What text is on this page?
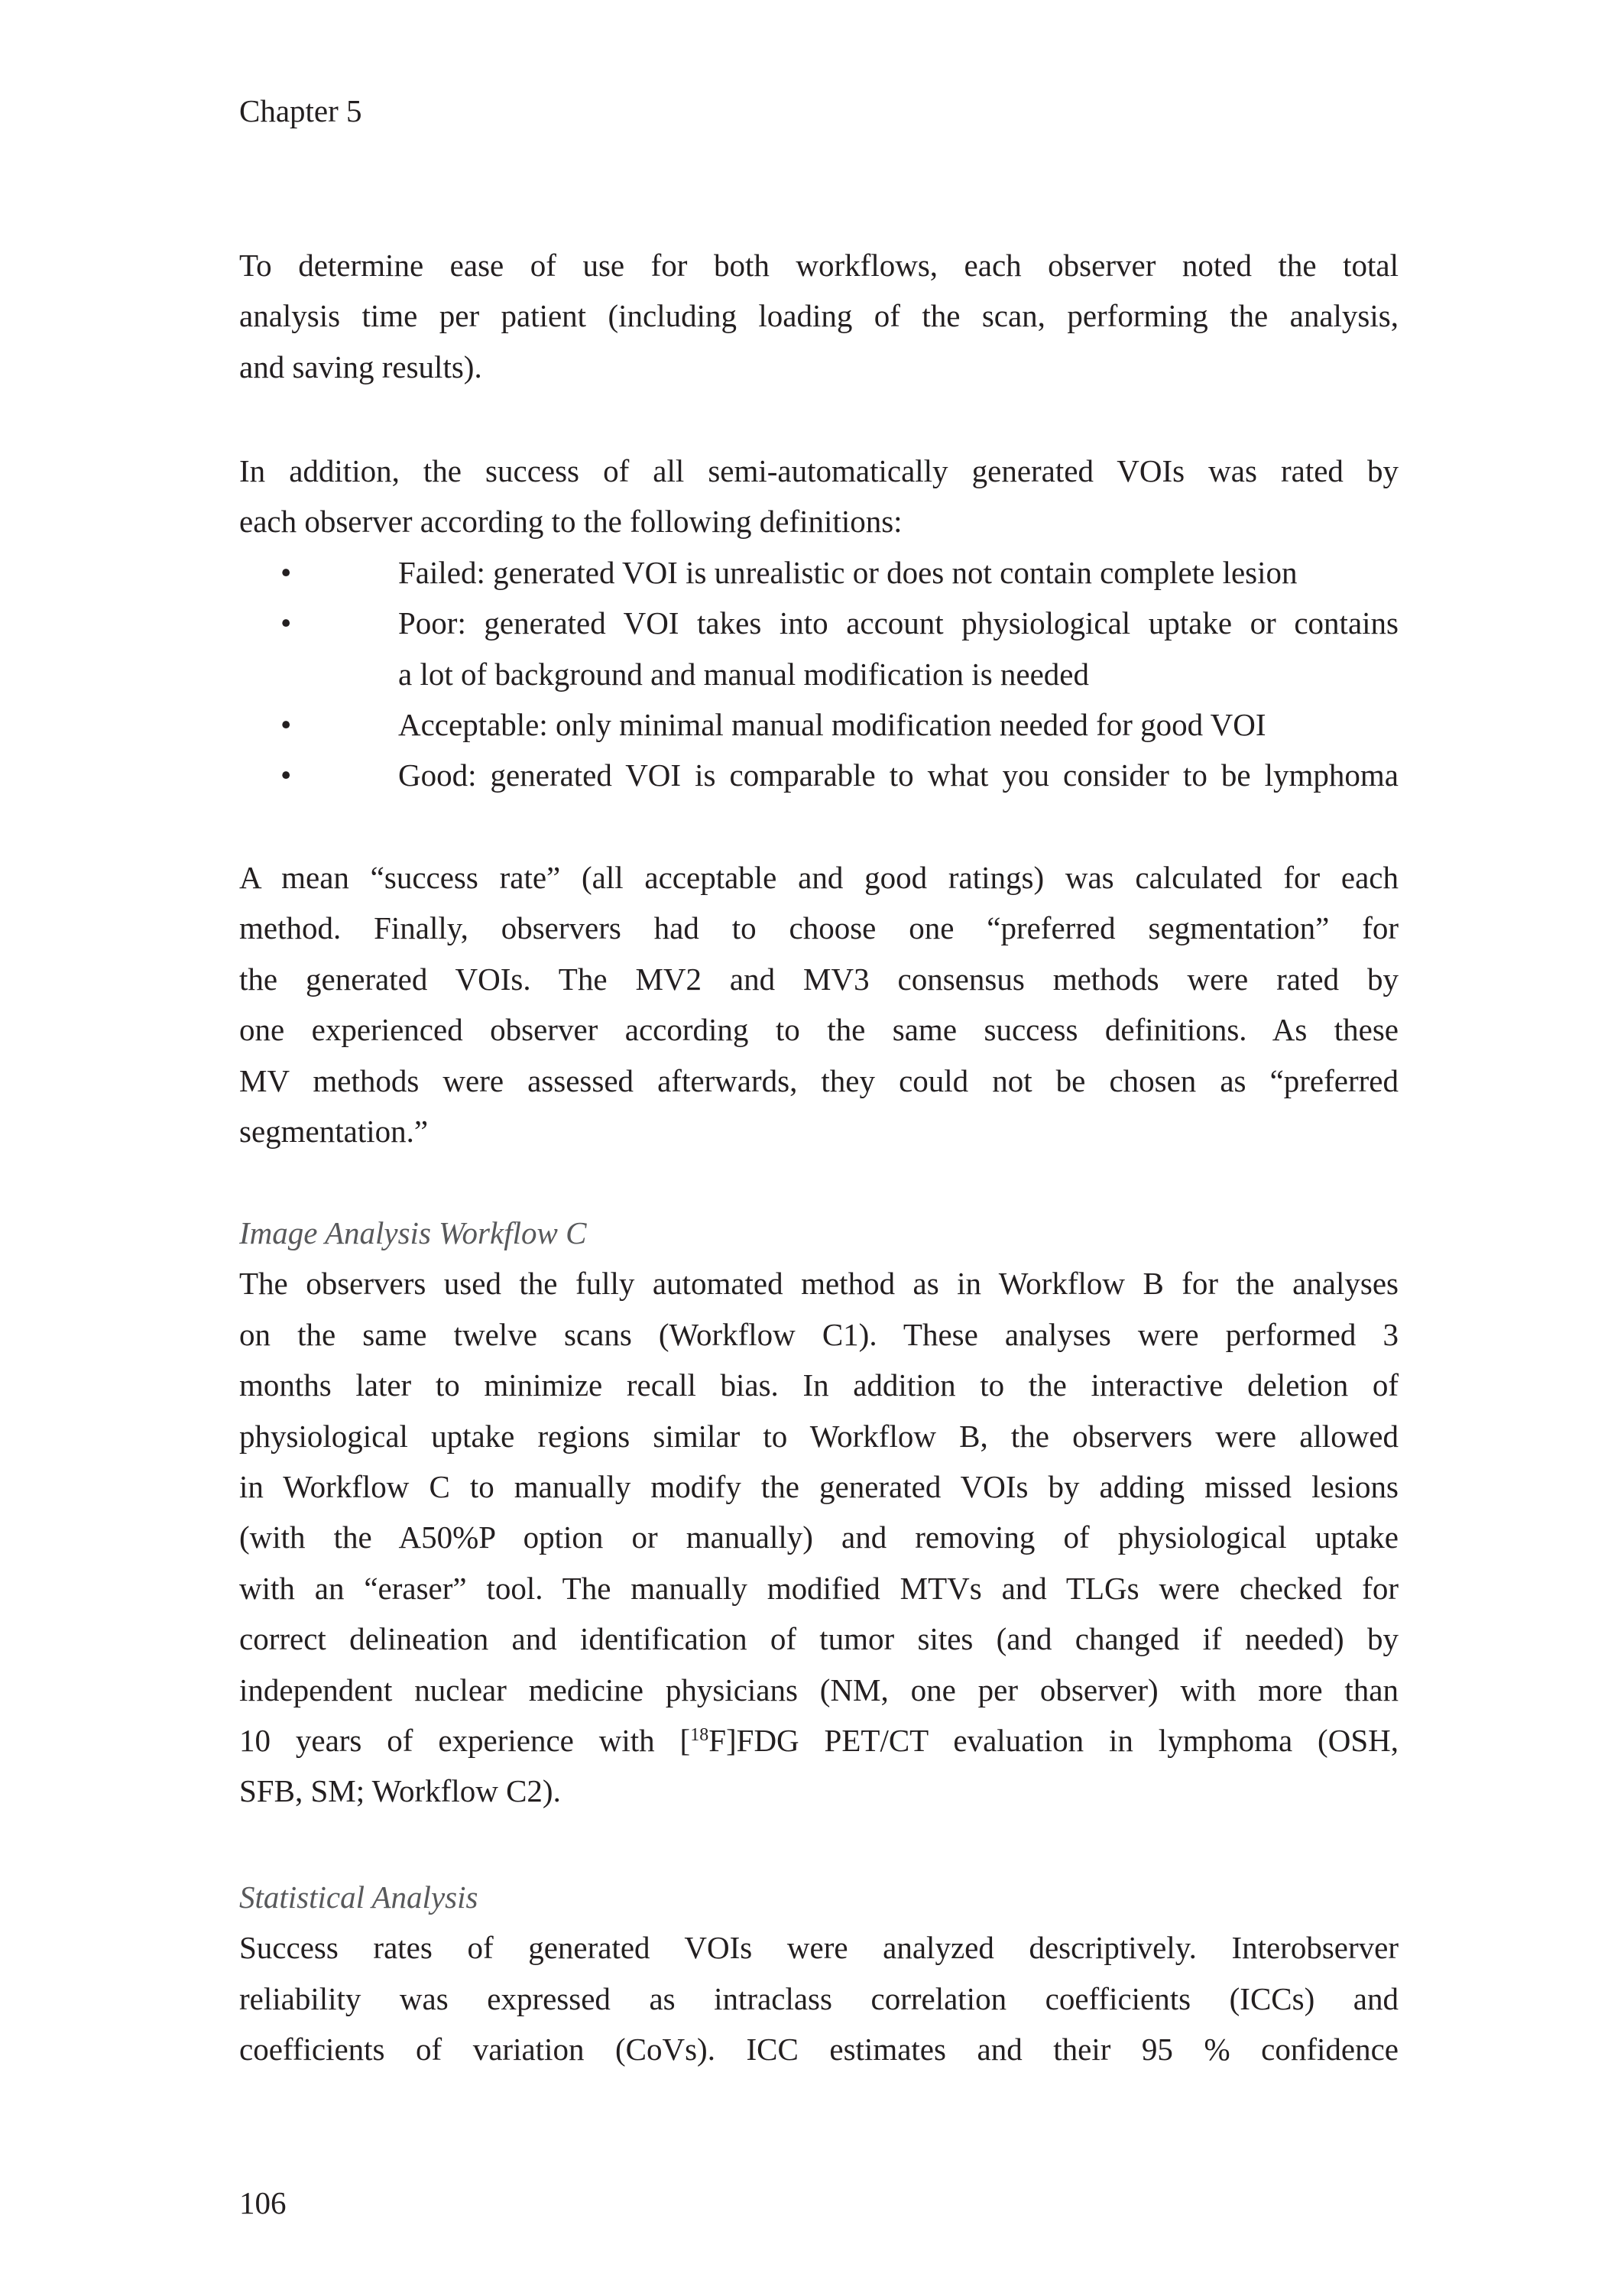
Chapter 5
To determine ease of use for both workflows, each observer noted the total
analysis time per patient (including loading of the scan, performing the analysis,
and saving results).
In addition, the success of all semi-automatically generated VOIs was rated by
each observer according to the following definitions:
•	Failed: generated VOI is unrealistic or does not contain complete lesion
•	Poor: generated VOI takes into account physiological uptake or contains
a lot of background and manual modification is needed
•	Acceptable: only minimal manual modification needed for good VOI
•	Good: generated VOI is comparable to what you consider to be lymphoma
A mean “success rate” (all acceptable and good ratings) was calculated for each
method. Finally, observers had to choose one “preferred segmentation” for
the generated VOIs. The MV2 and MV3 consensus methods were rated by
one experienced observer according to the same success definitions. As these
MV methods were assessed afterwards, they could not be chosen as “preferred
segmentation.”
Image Analysis Workflow C
The observers used the fully automated method as in Workflow B for the analyses
on the same twelve scans (Workflow C1). These analyses were performed 3
months later to minimize recall bias. In addition to the interactive deletion of
physiological uptake regions similar to Workflow B, the observers were allowed
in Workflow C to manually modify the generated VOIs by adding missed lesions
(with the A50%P option or manually) and removing of physiological uptake
with an “eraser” tool. The manually modified MTVs and TLGs were checked for
correct delineation and identification of tumor sites (and changed if needed) by
independent nuclear medicine physicians (NM, one per observer) with more than
10 years of experience with [$^{18}$F]FDG PET/CT evaluation in lymphoma (OSH,
SFB, SM; Workflow C2).
Statistical Analysis
Success rates of generated VOIs were analyzed descriptively. Interobserver
reliability was expressed as intraclass correlation coefficients (ICCs) and
coefficients of variation (CoVs). ICC estimates and their 95 % confidence
106
